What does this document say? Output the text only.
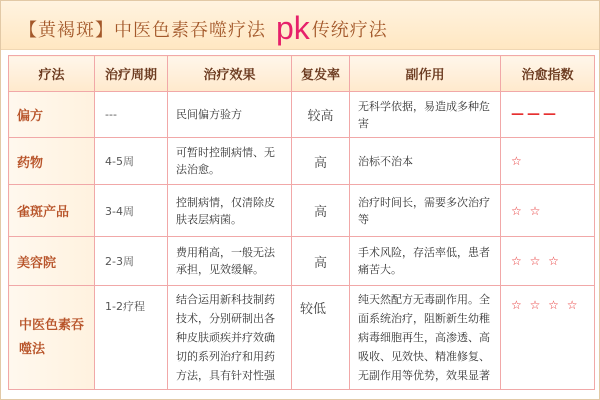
【黄褐斑】中医色素吞噬疗法 pk 传统疗法
疗法	治疗周期	治疗效果	复发率	副作用	治愈指数
偏方	---	民间偏方验方	较高	无科学依据，易造成多种危害	———
药物	4-5周	可暂时控制病情、无法治愈。	高	治标不治本	☆
雀斑产品	3-4周	控制病情，仅清除皮肤表层病菌。	高	治疗时间长，需要多次治疗等	☆ ☆
美容院	2-3周	费用稍高，一般无法承担，见效缓解。	高	手术风险，存活率低，患者痛苦大。	☆ ☆ ☆
中医色素吞噬法	1-2疗程	结合运用新科技制药技术，分别研制出各种皮肤顽疾并疗效确切的系列治疗和用药方法，具有针对性强	较低	纯天然配方无毒副作用。全面系统治疗，阻断新生幼稚病毒细胞再生，高渗透、高吸收、见效快、精准修复、无副作用等优势，效果显著	☆ ☆ ☆ ☆
